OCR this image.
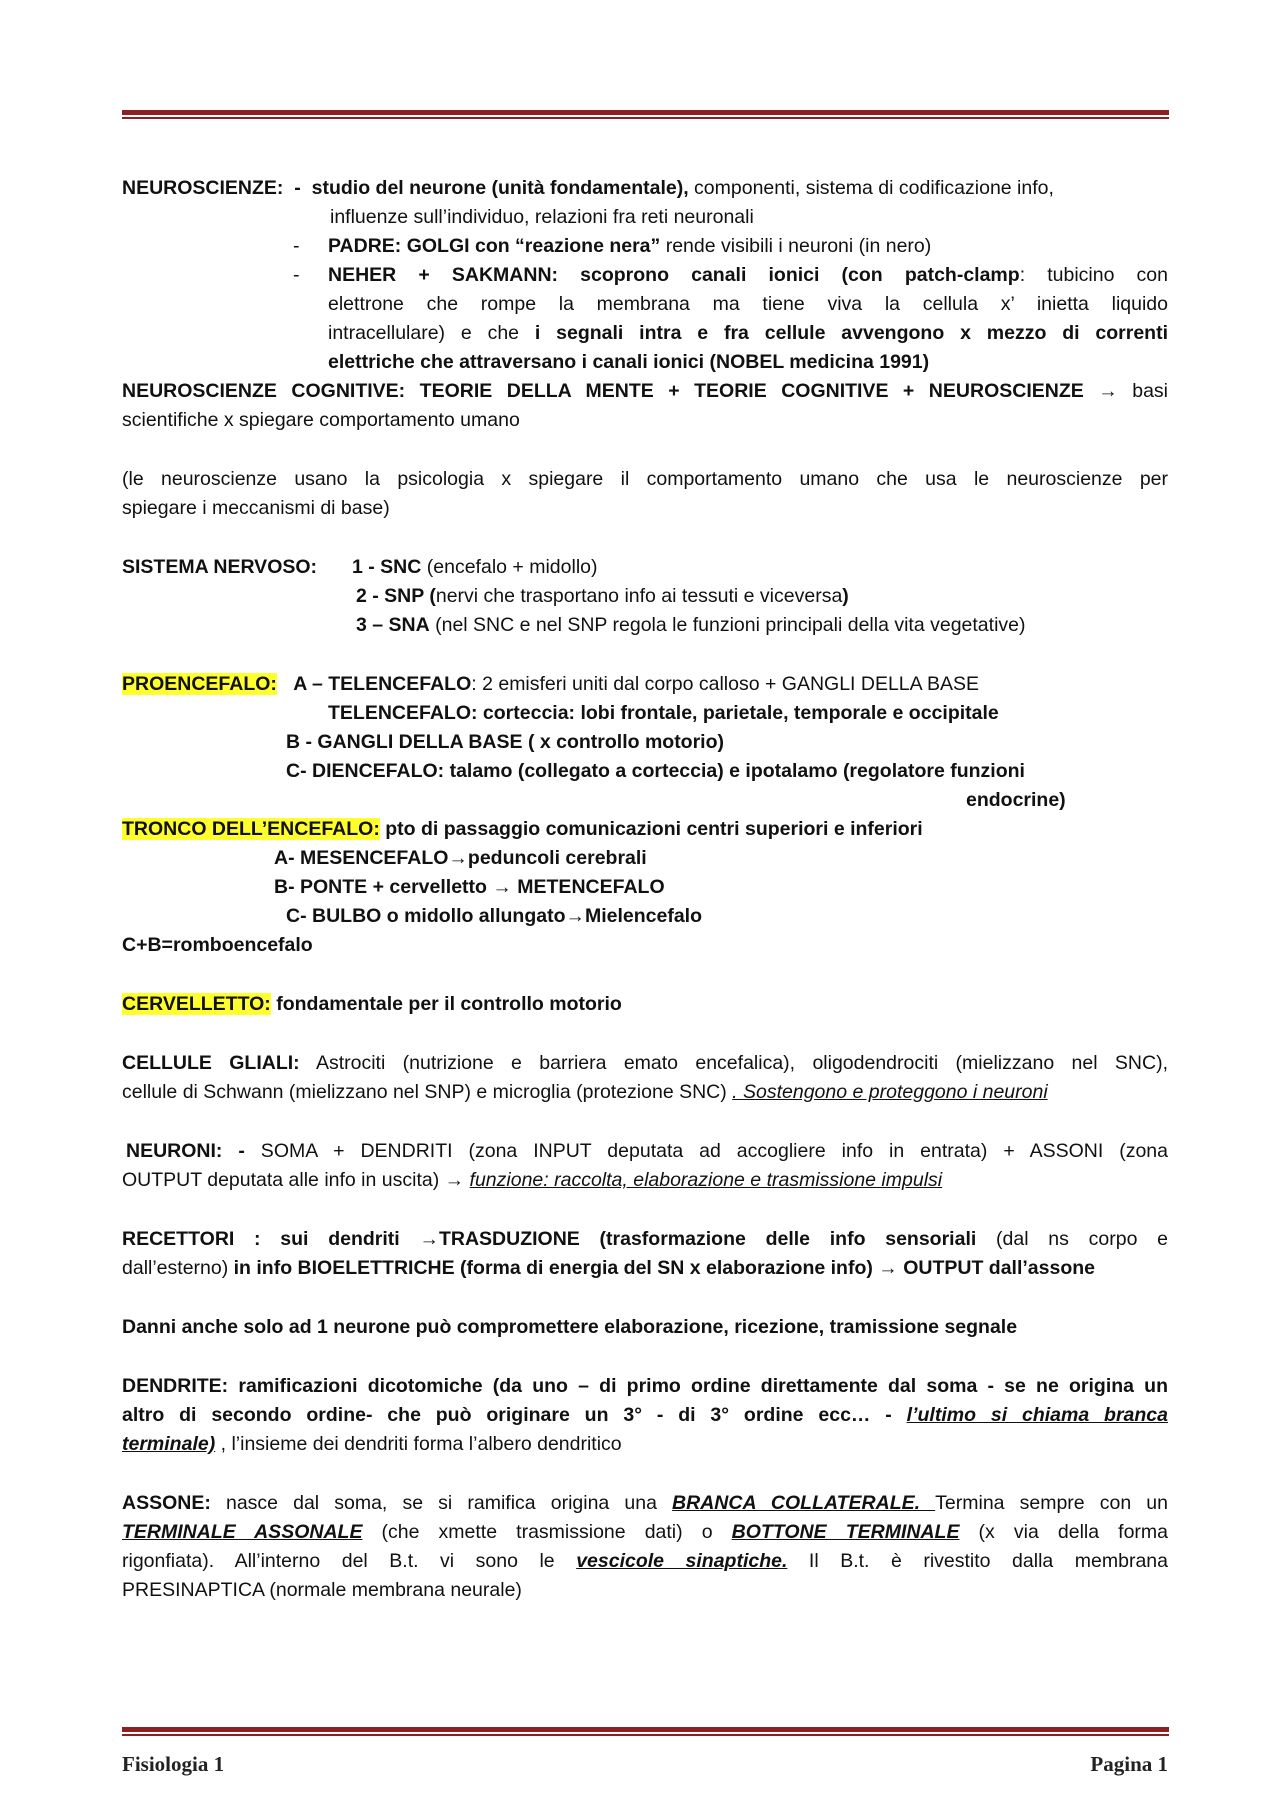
NEUROSCIENZE: - studio del neurone (unità fondamentale), componenti, sistema di codificazione info,
influenze sull’individuo, relazioni fra reti neuronali
- PADRE: GOLGI con “reazione nera” rende visibili i neuroni (in nero)
- NEHER + SAKMANN: scoprono canali ionici (con patch-clamp: tubicino con
elettrone che rompe la membrana ma tiene viva la cellula x’ inietta liquido
intracellulare) e che i segnali intra e fra cellule avvengono x mezzo di correnti
elettriche che attraversano i canali ionici (NOBEL medicina 1991)
NEUROSCIENZE COGNITIVE: TEORIE DELLA MENTE + TEORIE COGNITIVE + NEUROSCIENZE → basi
scientifiche x spiegare comportamento umano
(le neuroscienze usano la psicologia x spiegare il comportamento umano che usa le neuroscienze per
spiegare i meccanismi di base)
SISTEMA NERVOSO: 1 - SNC (encefalo + midollo)
2 - SNP (nervi che trasportano info ai tessuti e viceversa)
3 – SNA (nel SNC e nel SNP regola le funzioni principali della vita vegetative)
PROENCEFALO: A – TELENCEFALO: 2 emisferi uniti dal corpo calloso + GANGLI DELLA BASE
TELENCEFALO: corteccia: lobi frontale, parietale, temporale e occipitale
B - GANGLI DELLA BASE ( x controllo motorio)
C- DIENCEFALO: talamo (collegato a corteccia) e ipotalamo (regolatore funzioni
endocrine)
TRONCO DELL’ENCEFALO: pto di passaggio comunicazioni centri superiori e inferiori
A- MESENCEFALO→peduncoli cerebrali
B- PONTE + cervelletto → METENCEFALO
C- BULBO o midollo allungato→Mielencefalo
C+B=romboencefalo
CERVELLETTO: fondamentale per il controllo motorio
CELLULE GLIALI: Astrociti (nutrizione e barriera emato encefalica), oligodendrociti (mielizzano nel SNC),
cellule di Schwann (mielizzano nel SNP) e microglia (protezione SNC) . Sostengono e proteggono i neuroni
NEURONI: - SOMA + DENDRITI (zona INPUT deputata ad accogliere info in entrata) + ASSONI (zona
OUTPUT deputata alle info in uscita) → funzione: raccolta, elaborazione e trasmissione impulsi
RECETTORI : sui dendriti →TRASDUZIONE (trasformazione delle info sensoriali (dal ns corpo e
dall’esterno) in info BIOELETTRICHE (forma di energia del SN x elaborazione info) → OUTPUT dall’assone
Danni anche solo ad 1 neurone può compromettere elaborazione, ricezione, tramissione segnale
DENDRITE: ramificazioni dicotomiche (da uno – di primo ordine direttamente dal soma - se ne origina un
altro di secondo ordine- che può originare un 3° - di 3° ordine ecc… - l’ultimo si chiama branca
terminale) , l’insieme dei dendriti forma l’albero dendritico
ASSONE: nasce dal soma, se si ramifica origina una BRANCA COLLATERALE. Termina sempre con un
TERMINALE ASSONALE (che xmette trasmissione dati) o BOTTONE TERMINALE (x via della forma
rigonfiata). All’interno del B.t. vi sono le vescicole sinaptiche. Il B.t. è rivestito dalla membrana
PRESINAPTICA (normale membrana neurale)
Fisiologia 1	Pagina 1
